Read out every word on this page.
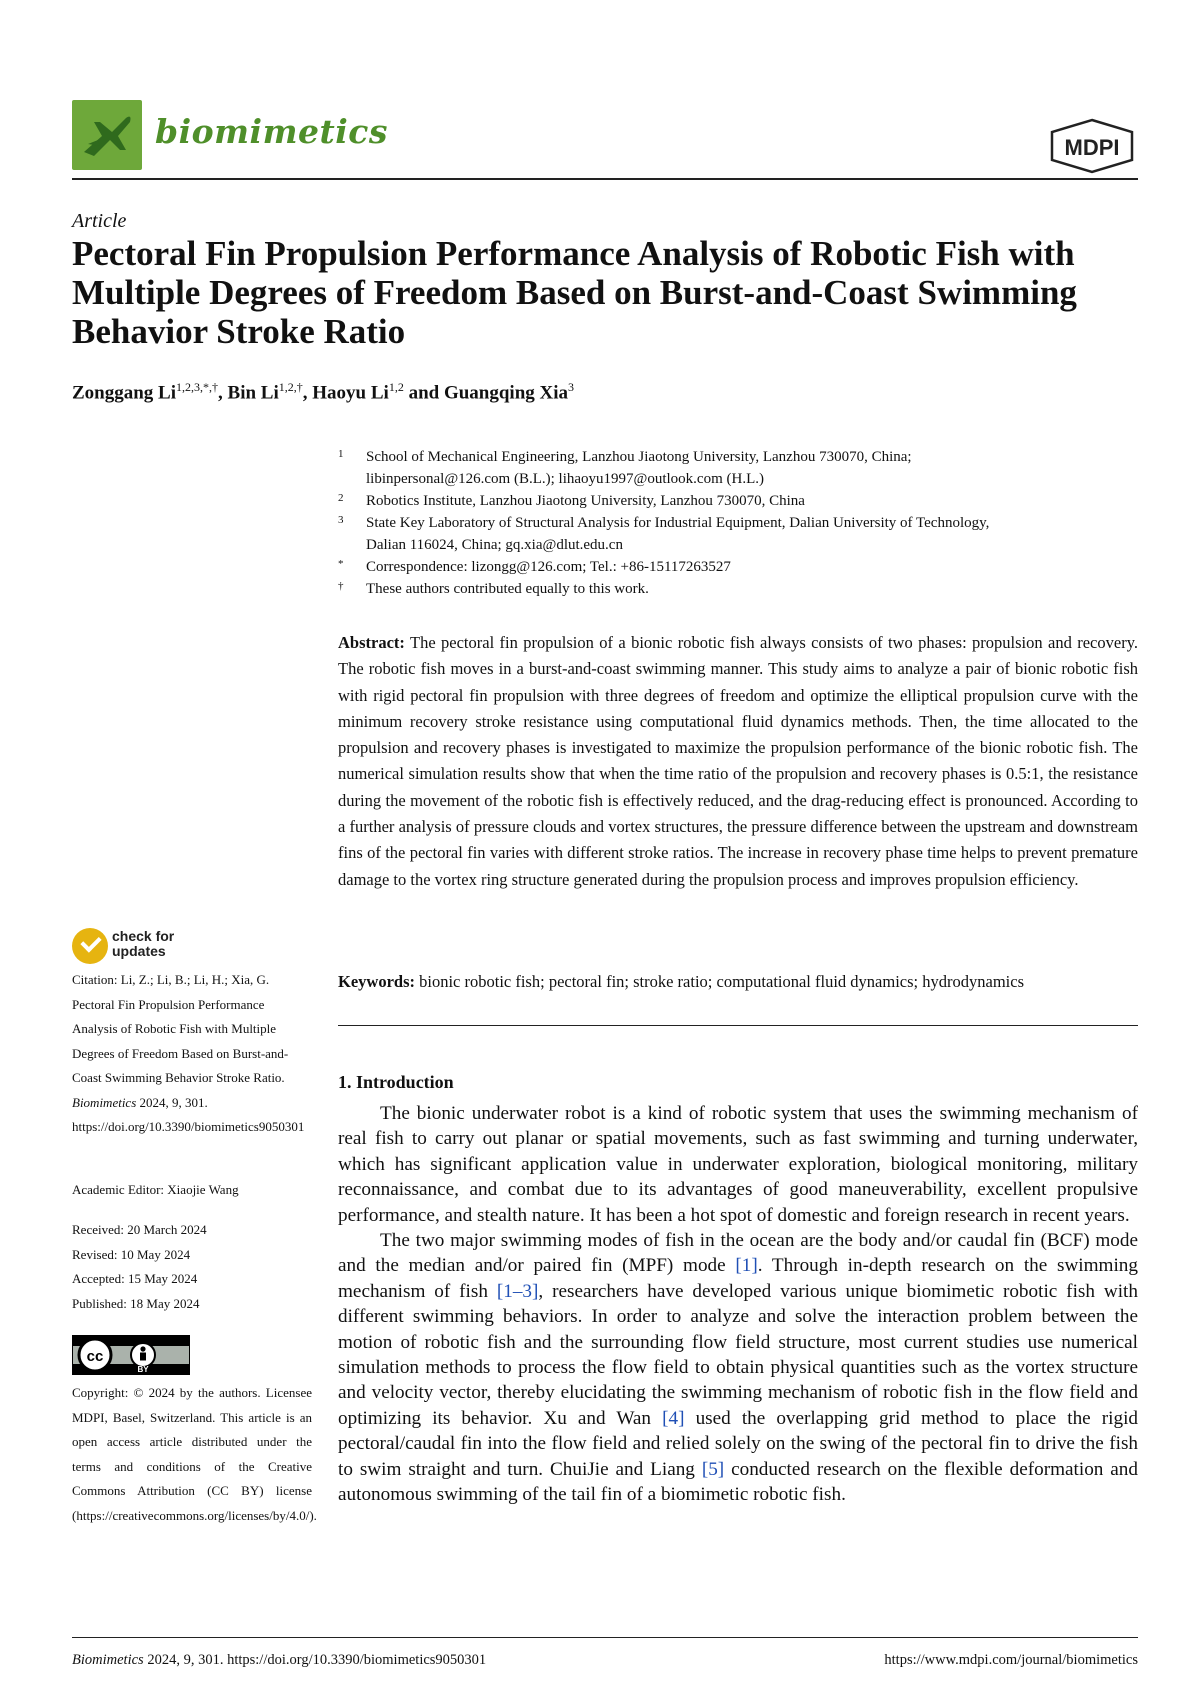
biomimetics	MDPI
Article
Pectoral Fin Propulsion Performance Analysis of Robotic Fish with Multiple Degrees of Freedom Based on Burst-and-Coast Swimming Behavior Stroke Ratio
Zonggang $Li^{1,2,3,*,\dagger}$, Bin $Li^{1,2,\dagger}$, Haoyu Li$^{1,2}$ and Guangqing Xia$^3$
1 School of Mechanical Engineering, Lanzhou Jiaotong University, Lanzhou 730070, China;
libinpersonal@126.com (B.L.); lihaoyu1997@outlook.com (H.L.)
2 Robotics Institute, Lanzhou Jiaotong University, Lanzhou 730070, China
3 State Key Laboratory of Structural Analysis for Industrial Equipment, Dalian University of Technology,
Dalian 116024, China; gq.xia@dlut.edu.cn
* Correspondence: lizongg@126.com; Tel.: +86-15117263527
† These authors contributed equally to this work.
Abstract: The pectoral fin propulsion of a bionic robotic fish always consists of two phases: propulsion and recovery. The robotic fish moves in a burst-and-coast swimming manner. This study aims to analyze a pair of bionic robotic fish with rigid pectoral fin propulsion with three degrees of freedom and optimize the elliptical propulsion curve with the minimum recovery stroke resistance using computational fluid dynamics methods. Then, the time allocated to the propulsion and recovery phases is investigated to maximize the propulsion performance of the bionic robotic fish. The numerical simulation results show that when the time ratio of the propulsion and recovery phases is 0.5:1, the resistance during the movement of the robotic fish is effectively reduced, and the drag-reducing effect is pronounced. According to a further analysis of pressure clouds and vortex structures, the pressure difference between the upstream and downstream fins of the pectoral fin varies with different stroke ratios. The increase in recovery phase time helps to prevent premature damage to the vortex ring structure generated during the propulsion process and improves propulsion efficiency.
Keywords: bionic robotic fish; pectoral fin; stroke ratio; computational fluid dynamics; hydrodynamics
1. Introduction

The bionic underwater robot is a kind of robotic system that uses the swimming mechanism of real fish to carry out planar or spatial movements, such as fast swimming and turning underwater, which has significant application value in underwater exploration, biological monitoring, military reconnaissance, and combat due to its advantages of good maneuverability, excellent propulsive performance, and stealth nature. It has been a hot spot of domestic and foreign research in recent years.

The two major swimming modes of fish in the ocean are the body and/or caudal fin (BCF) mode and the median and/or paired fin (MPF) mode [1]. Through in-depth research on the swimming mechanism of fish [1–3], researchers have developed various unique biomimetic robotic fish with different swimming behaviors. In order to analyze and solve the interaction problem between the motion of robotic fish and the surrounding flow field structure, most current studies use numerical simulation methods to process the flow field to obtain physical quantities such as the vortex structure and velocity vector, thereby elucidating the swimming mechanism of robotic fish in the flow field and optimizing its behavior. Xu and Wan [4] used the overlapping grid method to place the rigid pectoral/caudal fin into the flow field and relied solely on the swing of the pectoral fin to drive the fish to swim straight and turn. ChuiJie and Liang [5] conducted research on the flexible deformation and autonomous swimming of the tail fin of a biomimetic robotic fish.

check for
updates
Citation: Li, Z.; Li, B.; Li, H.; Xia, G. Pectoral Fin Propulsion Performance Analysis of Robotic Fish with Multiple Degrees of Freedom Based on Burst-and-Coast Swimming Behavior Stroke Ratio. Biomimetics 2024, 9, 301. https://doi.org/10.3390/biomimetics9050301
Academic Editor: Xiaojie Wang
Received: 20 March 2024
Revised: 10 May 2024
Accepted: 15 May 2024
Published: 18 May 2024
cc
BY
Copyright: © 2024 by the authors. Licensee MDPI, Basel, Switzerland. This article is an open access article distributed under the terms and conditions of the Creative Commons Attribution (CC BY) license (https://creativecommons.org/licenses/by/4.0/).
Biomimetics 2024, 9, 301. https://doi.org/10.3390/biomimetics9050301	https://www.mdpi.com/journal/biomimetics
